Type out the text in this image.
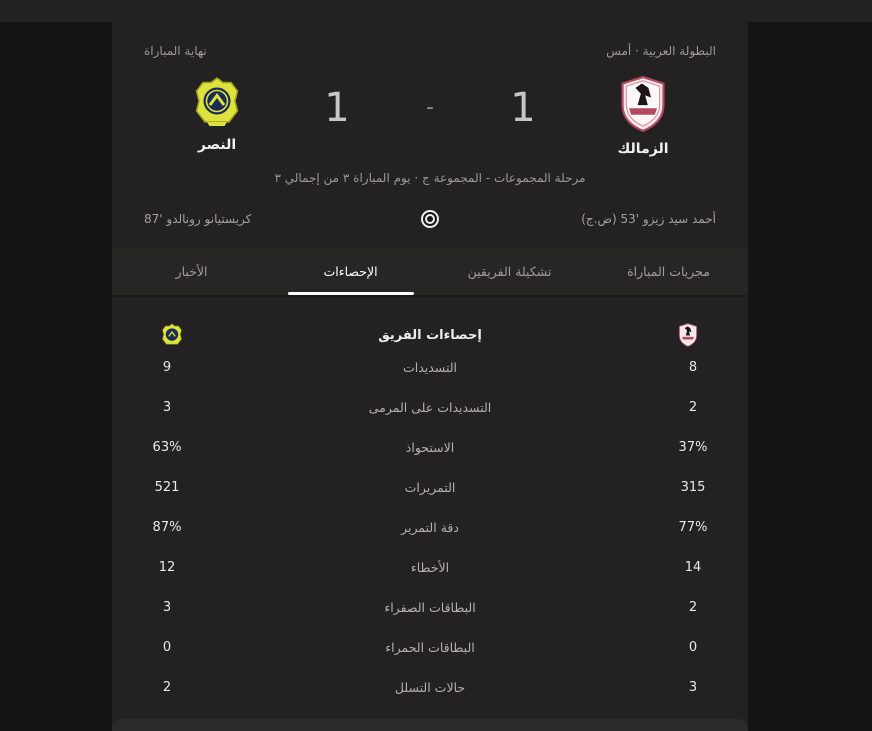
البطولة العربية · أمس
نهاية المباراة
الزمالك
1
-
1
النصر
مرحلة المجموعات - المجموعة ج · يوم المباراة ٣ من إجمالي ٣
أحمد سيد زيزو '53 (ض.ج)
كريستيانو رونالدو '87
مجريات المباراة
تشكيلة الفريقين
الإحصاءات
الأخبار
إحصاءات الفريق
8
التسديدات
9
2
التسديدات على المرمى
3
37%
الاستحواذ
63%
315
التمريرات
521
77%
دقة التمرير
87%
14
الأخطاء
12
2
البطاقات الصفراء
3
0
البطاقات الحمراء
0
3
حالات التسلل
2
